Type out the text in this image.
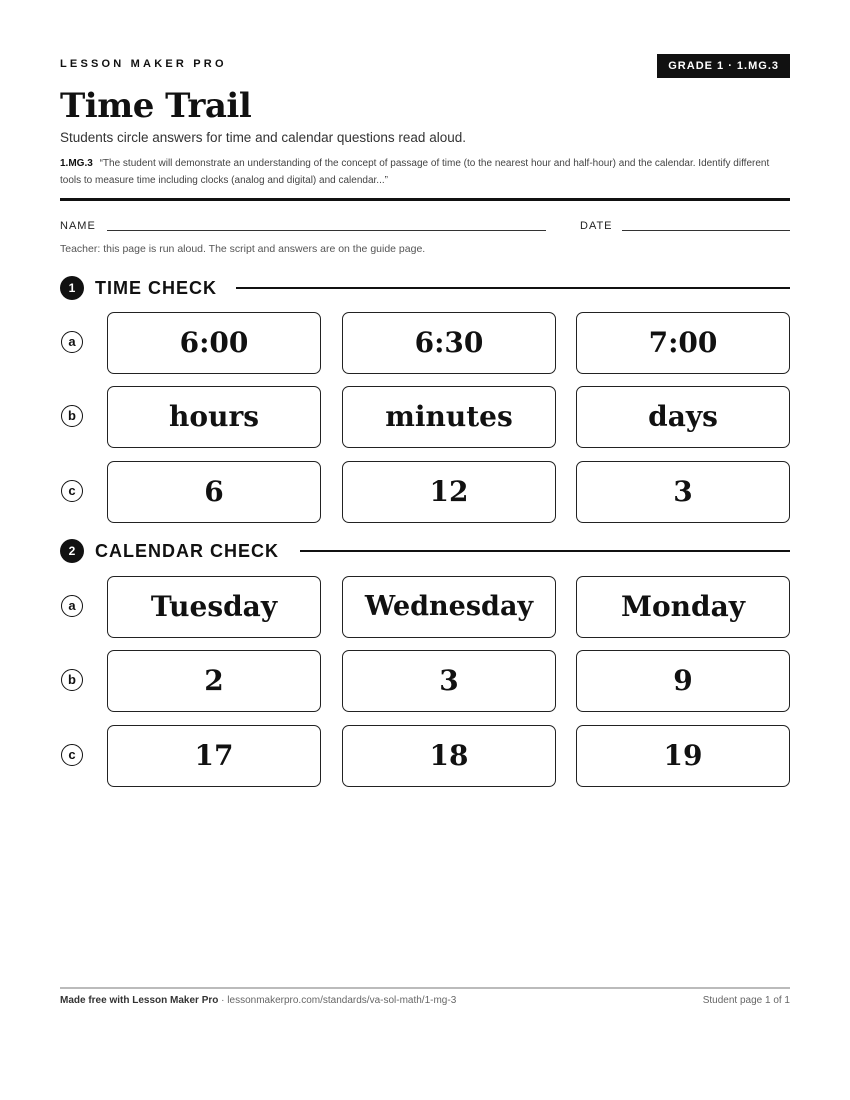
LESSON MAKER PRO	GRADE 1 · 1.MG.3
Time Trail
Students circle answers for time and calendar questions read aloud.
1.MG.3 “The student will demonstrate an understanding of the concept of passage of time (to the nearest hour and half-hour) and the calendar. Identify different tools to measure time including clocks (analog and digital) and calendar...”
NAME	DATE
Teacher: this page is run aloud. The script and answers are on the guide page.
1	TIME CHECK
a	6:00	6:30	7:00
b	hours	minutes	days
c	6	12	3
2	CALENDAR CHECK
a	Tuesday	Wednesday	Monday
b	2	3	9
c	17	18	19
Made free with Lesson Maker Pro · lessonmakerpro.com/standards/va-sol-math/1-mg-3	Student page 1 of 1
